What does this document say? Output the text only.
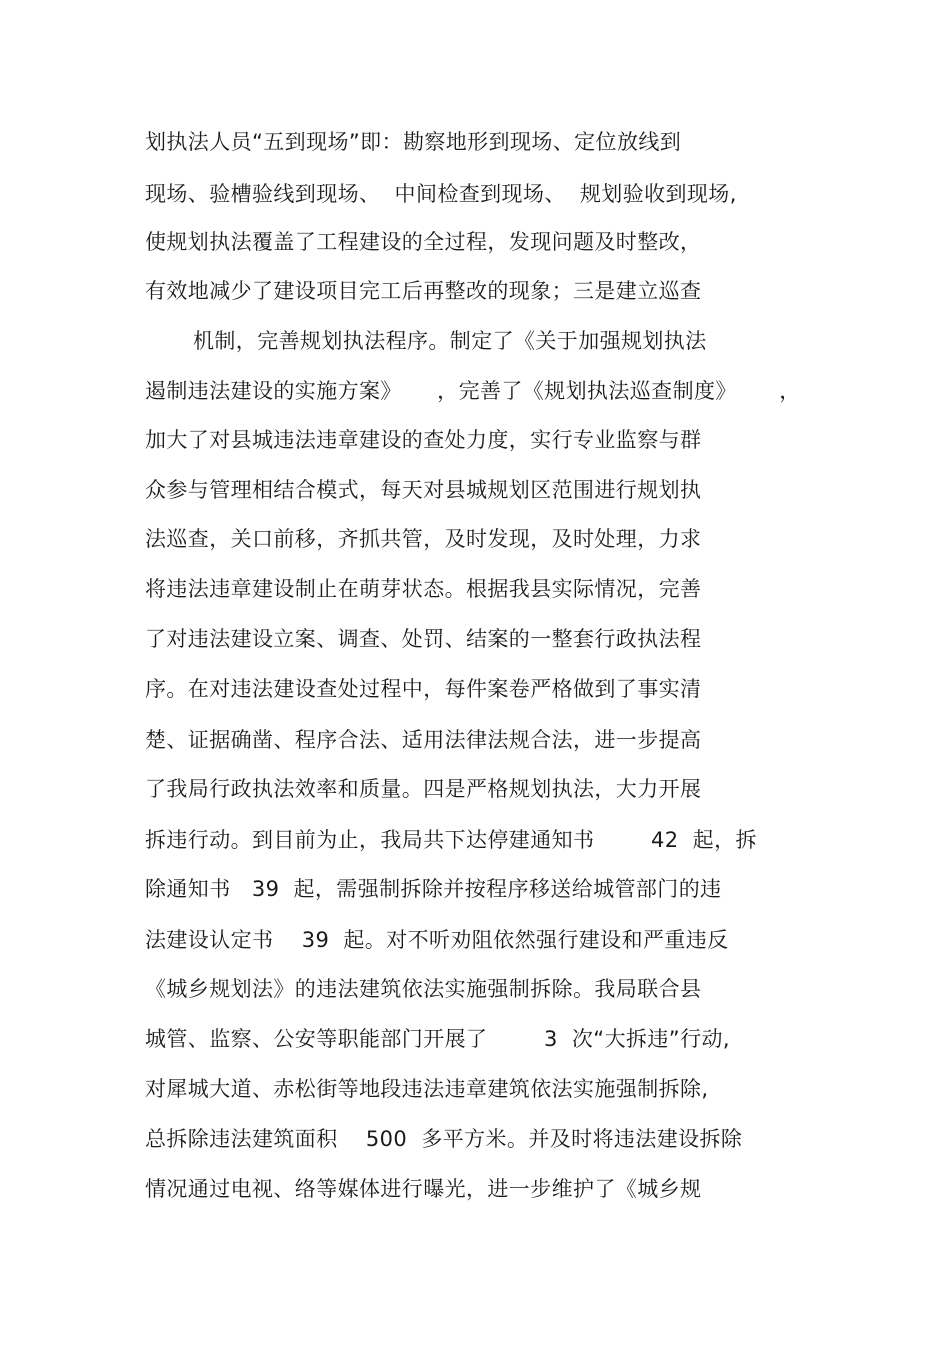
划执法人员“五到现场”即：勘察地形到现场、定位放线到
现场、验槽验线到现场、  中间检查到现场、  规划验收到现场,
使规划执法覆盖了工程建设的全过程，发现问题及时整改，
有效地减少了建设项目完工后再整改的现象；三是建立巡查
机制，完善规划执法程序。制定了《关于加强规划执法
遏制违法建设的实施方案》     ，完善了《规划执法巡查制度》      ，
加大了对县城违法违章建设的查处力度，实行专业监察与群
众参与管理相结合模式，每天对县城规划区范围进行规划执
法巡查，关口前移，齐抓共管，及时发现，及时处理，力求
将违法违章建设制止在萌芽状态。根据我县实际情况，完善
了对违法建设立案、调查、处罚、结案的一整套行政执法程
序。在对违法建设查处过程中，每件案卷严格做到了事实清
楚、证据确凿、程序合法、适用法律法规合法，进一步提高
了我局行政执法效率和质量。四是严格规划执法，大力开展
拆违行动。到目前为止，我局共下达停建通知书        42  起，拆
除通知书   39  起，需强制拆除并按程序移送给城管部门的违
法建设认定书    39  起。对不听劝阻依然强行建设和严重违反
《城乡规划法》的违法建筑依法实施强制拆除。我局联合县
城管、监察、公安等职能部门开展了        3  次“大拆违”行动,
对犀城大道、赤松街等地段违法违章建筑依法实施强制拆除,
总拆除违法建筑面积    500  多平方米。并及时将违法建设拆除
情况通过电视、络等媒体进行曝光，进一步维护了《城乡规
